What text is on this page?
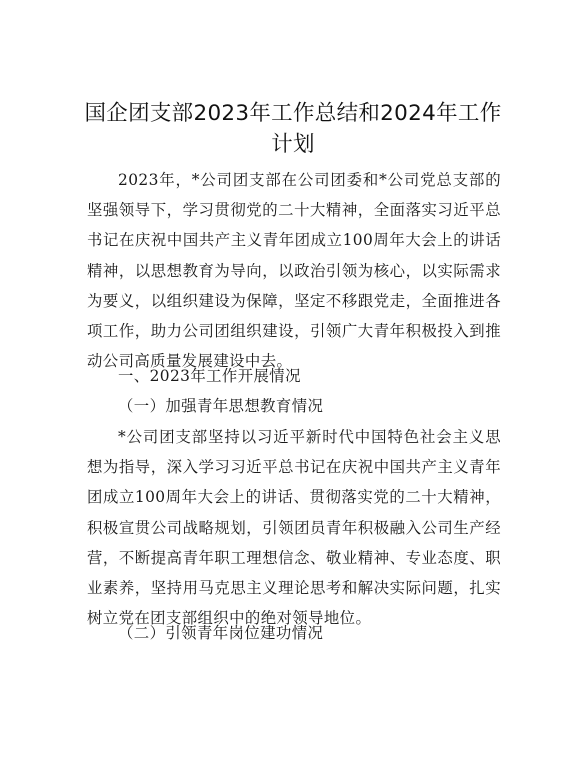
国企团支部2023年工作总结和2024年工作计划

2023年，*公司团支部在公司团委和*公司党总支部的坚强领导下，学习贯彻党的二十大精神，全面落实习近平总书记在庆祝中国共产主义青年团成立100周年大会上的讲话精神，以思想教育为导向，以政治引领为核心，以实际需求为要义，以组织建设为保障，坚定不移跟党走，全面推进各项工作，助力公司团组织建设，引领广大青年积极投入到推动公司高质量发展建设中去。

一、2023年工作开展情况

（一）加强青年思想教育情况

*公司团支部坚持以习近平新时代中国特色社会主义思想为指导，深入学习习近平总书记在庆祝中国共产主义青年团成立100周年大会上的讲话、贯彻落实党的二十大精神，积极宣贯公司战略规划，引领团员青年积极融入公司生产经营，不断提高青年职工理想信念、敬业精神、专业态度、职业素养，坚持用马克思主义理论思考和解决实际问题，扎实树立党在团支部组织中的绝对领导地位。

（二）引领青年岗位建功情况
